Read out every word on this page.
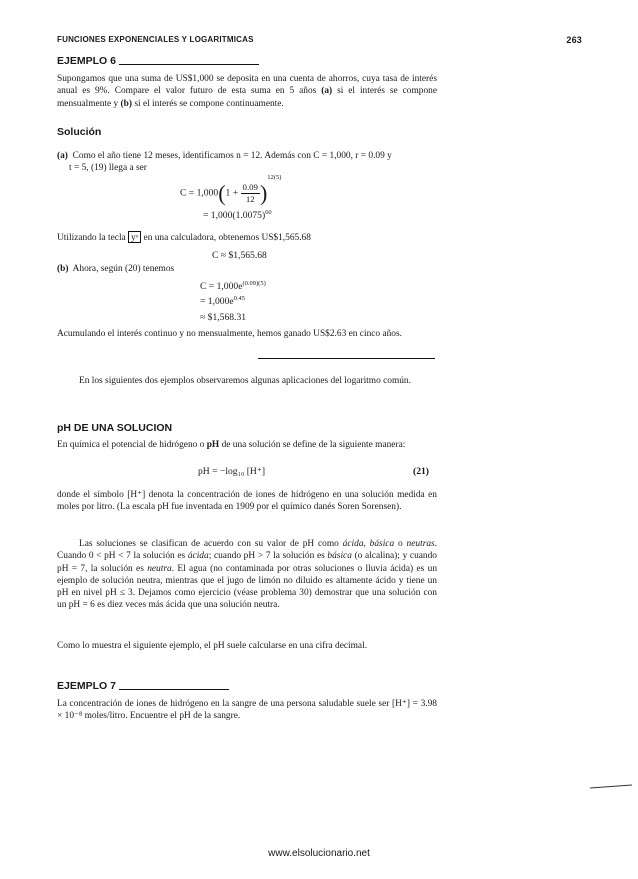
FUNCIONES EXPONENCIALES Y LOGARITMICAS	263
EJEMPLO 6
Supongamos que una suma de US$1,000 se deposita en una cuenta de ahorros, cuya tasa de interés anual es 9%. Compare el valor futuro de esta suma en 5 años (a) si el interés se compone mensualmente y (b) si el interés se compone continuamente.
Solución
(a) Como el año tiene 12 meses, identificamos n = 12. Además con C = 1,000, r = 0.09 y
t = 5, (19) llega a ser
$C = 1,000(1 + \frac{0.09}{12} )^{12(5)}$
= $1,000(1.0075)^{60}$
Utilizando la tecla yˣ en una calculadora, obtenemos US$1,565.68
C ≈ $1,565.68
(b) Ahora, según (20) tenemos
$C = 1,000e^{(0.09)(5)}$
= $1,000e^{0.45}$
≈ $1,568.31
Acumulando el interés continuo y no mensualmente, hemos ganado US$2.63 en cinco años.
En los siguientes dos ejemplos observaremos algunas aplicaciones del logaritmo común.
pH DE UNA SOLUCION
En química el potencial de hidrógeno o pH de una solución se define de la siguiente manera:
pH = −log₁₀ [H⁺]	(21)
donde el símbolo [H⁺] denota la concentración de iones de hidrógeno en una solución medida en moles por litro. (La escala pH fue inventada en 1909 por el químico danés Soren Sorensen).
Las soluciones se clasifican de acuerdo con su valor de pH como ácida, básica o neutras. Cuando 0 < pH < 7 la solución es ácida; cuando pH > 7 la solución es básica (o alcalina); y cuando pH = 7, la solución es neutra. El agua (no contaminada por otras soluciones o lluvia ácida) es un ejemplo de solución neutra, mientras que el jugo de limón no diluido es altamente ácido y tiene un pH en nivel pH ≤ 3. Dejamos como ejercicio (véase problema 30) demostrar que una solución con un pH = 6 es diez veces más ácida que una solución neutra.
Como lo muestra el siguiente ejemplo, el pH suele calcularse en una cifra decimal.
EJEMPLO 7
La concentración de iones de hidrógeno en la sangre de una persona saludable suele ser [H⁺] = 3.98 × 10⁻⁸ moles/litro. Encuentre el pH de la sangre.
www.elsolucionario.net
